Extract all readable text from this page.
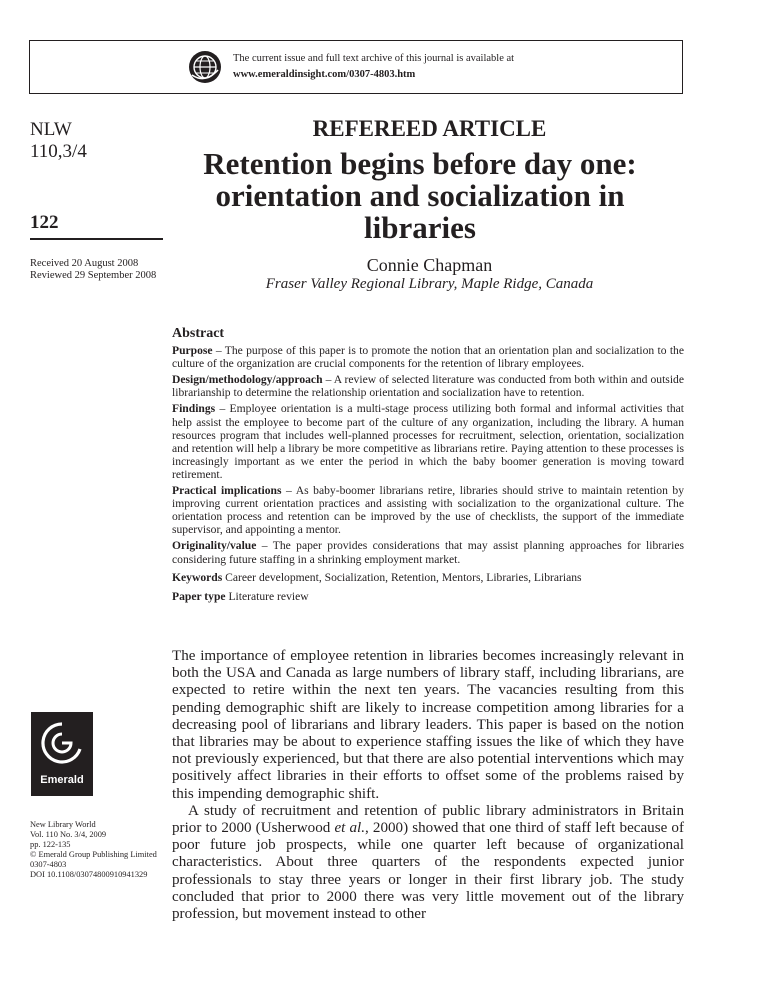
The current issue and full text archive of this journal is available at
www.emeraldinsight.com/0307-4803.htm
NLW
110,3/4
122
Received 20 August 2008
Reviewed 29 September 2008
REFEREED ARTICLE
Retention begins before day one: orientation and socialization in libraries
Connie Chapman
Fraser Valley Regional Library, Maple Ridge, Canada
Abstract

Purpose – The purpose of this paper is to promote the notion that an orientation plan and socialization to the culture of the organization are crucial components for the retention of library employees.

Design/methodology/approach – A review of selected literature was conducted from both within and outside librarianship to determine the relationship orientation and socialization have to retention.

Findings – Employee orientation is a multi-stage process utilizing both formal and informal activities that help assist the employee to become part of the culture of any organization, including the library. A human resources program that includes well-planned processes for recruitment, selection, orientation, socialization and retention will help a library be more competitive as librarians retire. Paying attention to these processes is increasingly important as we enter the period in which the baby boomer generation is moving toward retirement.

Practical implications – As baby-boomer librarians retire, libraries should strive to maintain retention by improving current orientation practices and assisting with socialization to the organizational culture. The orientation process and retention can be improved by the use of checklists, the support of the immediate supervisor, and appointing a mentor.

Originality/value – The paper provides considerations that may assist planning approaches for libraries considering future staffing in a shrinking employment market.

Keywords Career development, Socialization, Retention, Mentors, Libraries, Librarians

Paper type Literature review

The importance of employee retention in libraries becomes increasingly relevant in both the USA and Canada as large numbers of library staff, including librarians, are expected to retire within the next ten years. The vacancies resulting from this pending demographic shift are likely to increase competition among libraries for a decreasing pool of librarians and library leaders. This paper is based on the notion that libraries may be about to experience staffing issues the like of which they have not previously experienced, but that there are also potential interventions which may positively affect libraries in their efforts to offset some of the problems raised by this impending demographic shift.

A study of recruitment and retention of public library administrators in Britain prior to 2000 (Usherwood et al., 2000) showed that one third of staff left because of poor future job prospects, while one quarter left because of organizational characteristics. About three quarters of the respondents expected junior professionals to stay three years or longer in their first library job. The study concluded that prior to 2000 there was very little movement out of the library profession, but movement instead to other

Emerald
New Library World
Vol. 110 No. 3/4, 2009
pp. 122-135
© Emerald Group Publishing Limited
0307-4803
DOI 10.1108/03074800910941329
